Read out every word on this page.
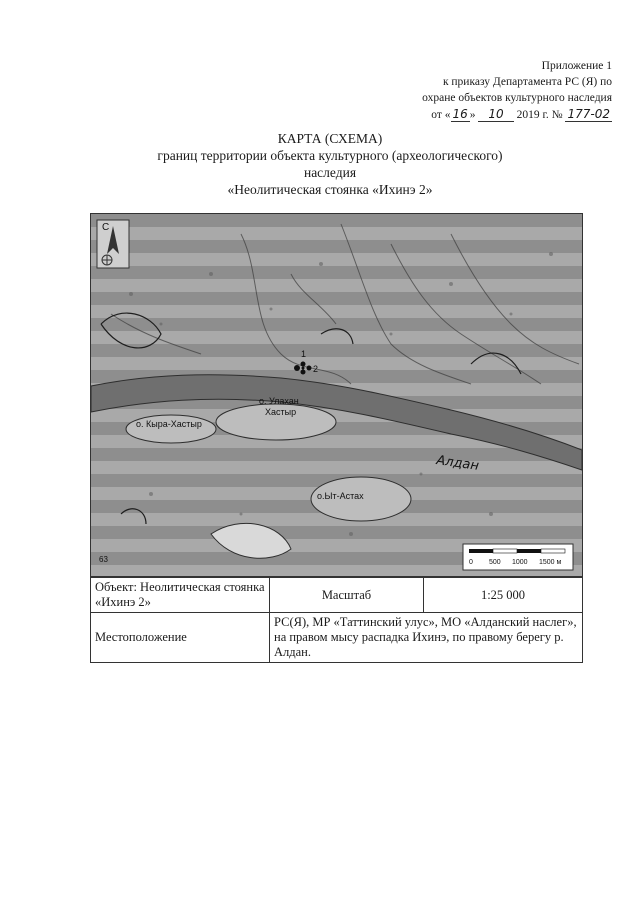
Приложение 1
к приказу Департамента РС (Я) по
охране объектов культурного наследия
от « 16 » 10 2019 г. № 177-02
КАРТА (СХЕМА)
границ территории объекта культурного (археологического)
наследия
«Неолитическая стоянка «Ихинэ 2»
С
1
2
о. Улахан
Хастыр
о. Кыра-Хастыр
о.Ыт-Астах
Алдан
63	0 500 1000 1500 м
Объект: Неолитическая стоянка «Ихинэ 2»	Масштаб	1:25 000
Местоположение	РС(Я), МР «Таттинский улус», МО «Алданский наслег», на правом мысу распадка Ихинэ, по правому берегу р. Алдан.	
